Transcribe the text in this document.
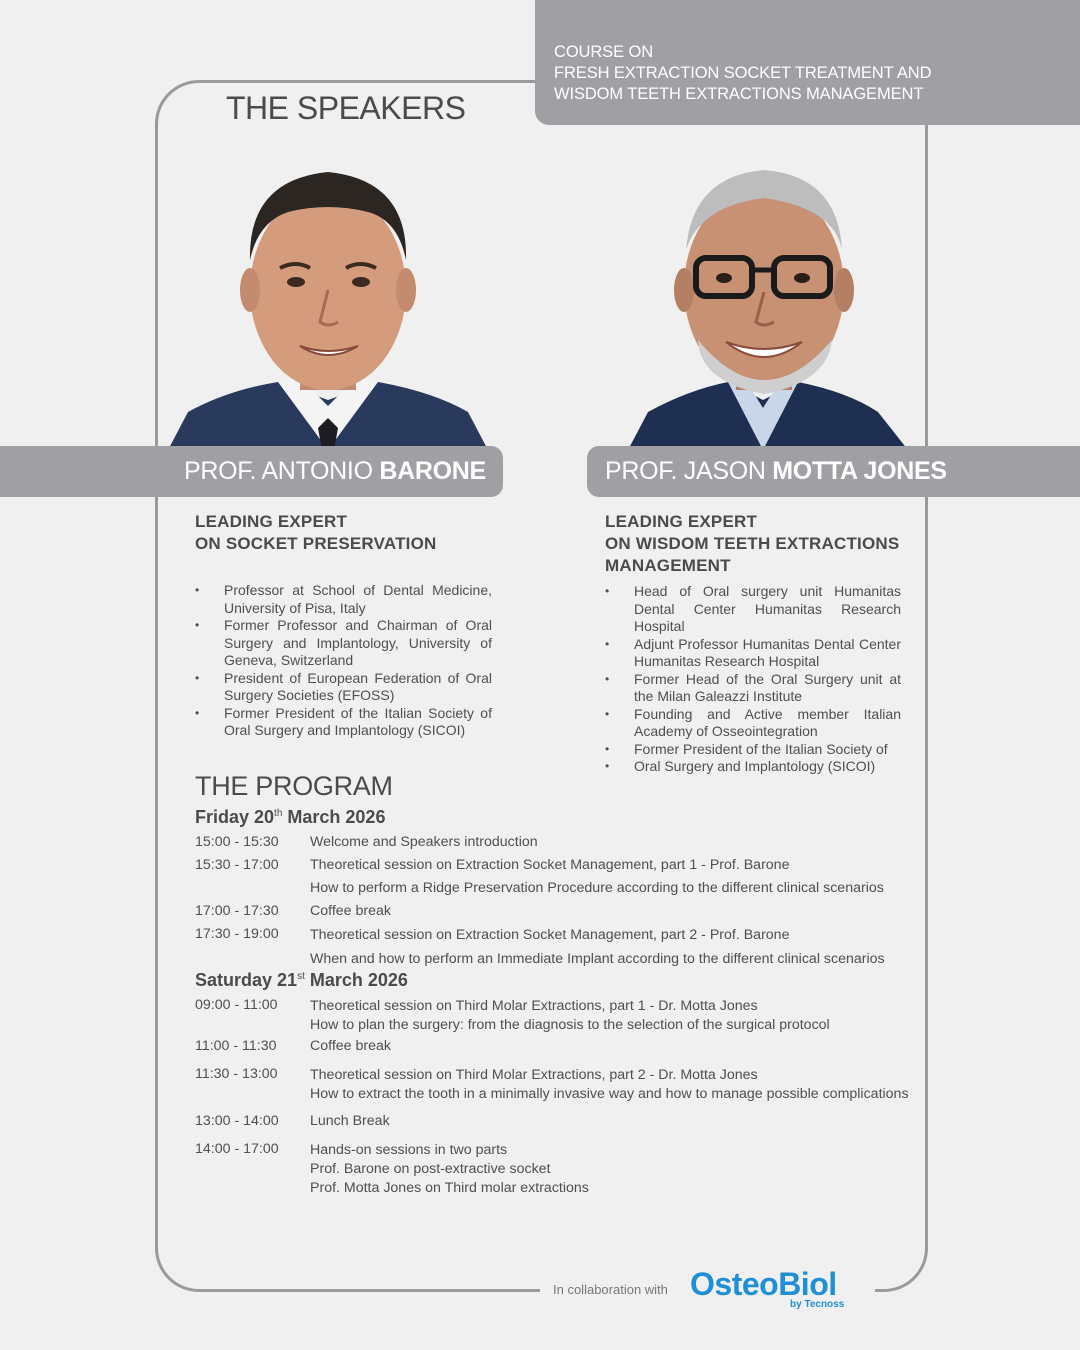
COURSE ON
FRESH EXTRACTION SOCKET TREATMENT AND
WISDOM TEETH EXTRACTIONS MANAGEMENT
THE SPEAKERS
PROF. ANTONIO BARONE	PROF. JASON MOTTA JONES
LEADING EXPERT
ON SOCKET PRESERVATION
LEADING EXPERT
ON WISDOM TEETH EXTRACTIONS
MANAGEMENT
• Professor at School of Dental Medicine, University of Pisa, Italy
• Former Professor and Chairman of Oral Surgery and Implantology, University of Geneva, Switzerland
• President of European Federation of Oral Surgery Societies (EFOSS)
• Former President of the Italian Society of Oral Surgery and Implantology (SICOI)
• Head of Oral surgery unit Humanitas Dental Center Humanitas Research Hospital
• Adjunt Professor Humanitas Dental Center Humanitas Research Hospital
• Former Head of the Oral Surgery unit at the Milan Galeazzi Institute
• Founding and Active member Italian Academy of Osseointegration
• Former President of the Italian Society of
• Oral Surgery and Implantology (SICOI)
THE PROGRAM
Friday 20th March 2026
15:00 - 15:30	Welcome and Speakers introduction
15:30 - 17:00	Theoretical session on Extraction Socket Management, part 1 - Prof. Barone
How to perform a Ridge Preservation Procedure according to the different clinical scenarios
17:00 - 17:30	Coffee break
17:30 - 19:00	Theoretical session on Extraction Socket Management, part 2 - Prof. Barone
When and how to perform an Immediate Implant according to the different clinical scenarios
Saturday 21st March 2026
09:00 - 11:00	Theoretical session on Third Molar Extractions, part 1 - Dr. Motta Jones
How to plan the surgery: from the diagnosis to the selection of the surgical protocol
11:00 - 11:30	Coffee break
11:30 - 13:00	Theoretical session on Third Molar Extractions, part 2 - Dr. Motta Jones
How to extract the tooth in a minimally invasive way and how to manage possible complications
13:00 - 14:00	Lunch Break
14:00 - 17:00	Hands-on sessions in two parts
Prof. Barone on post-extractive socket
Prof. Motta Jones on Third molar extractions
In collaboration with OsteoBiol
by Tecnoss
